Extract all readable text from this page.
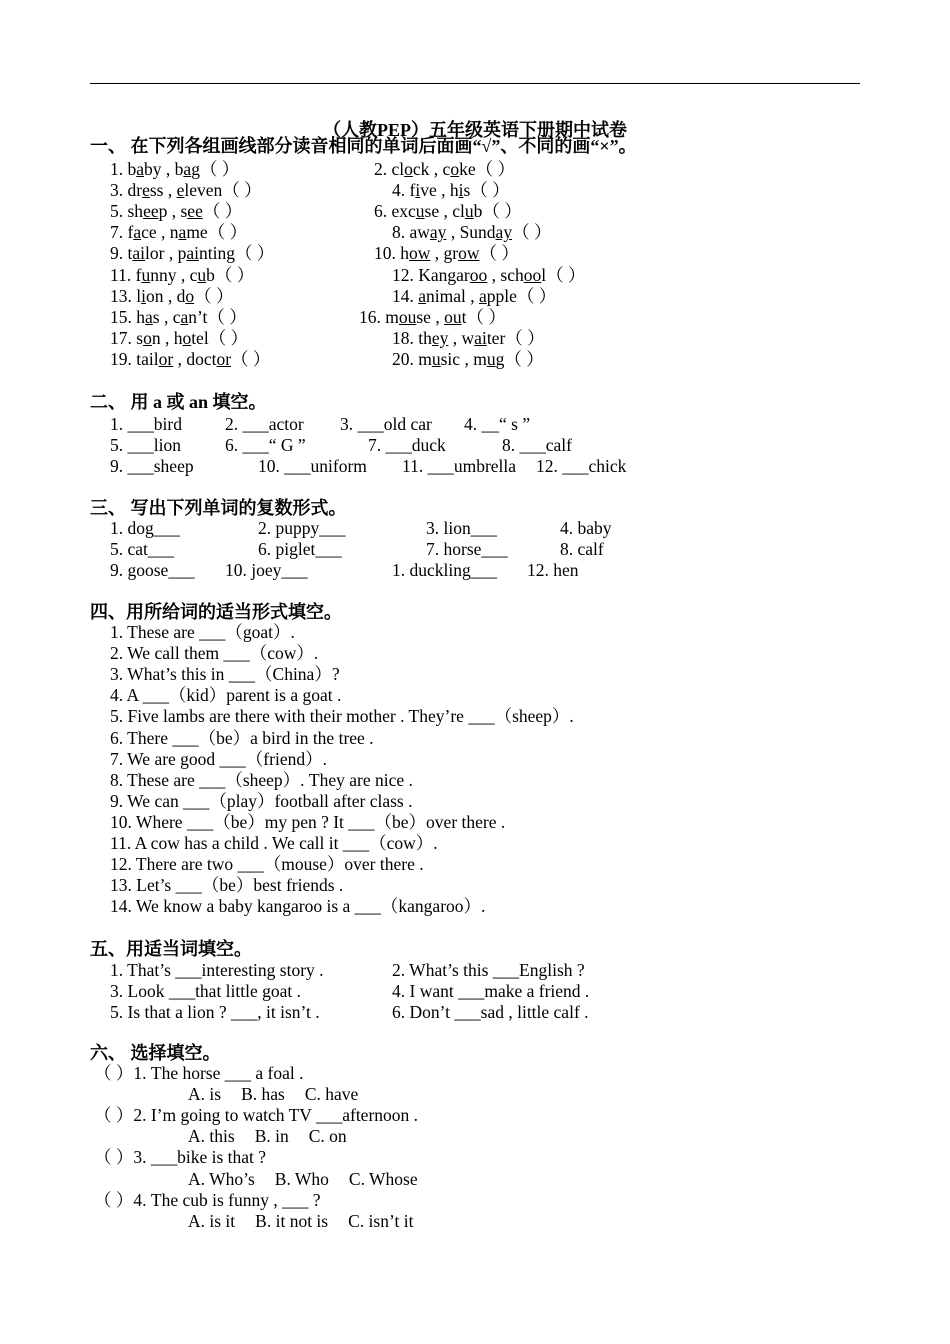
（人教PEP）五年级英语下册期中试卷
一、 在下列各组画线部分读音相同的单词后面画“√”、不同的画“×”。
1. baby , bag（ ）	2. clock , coke（ ）
3. dress , eleven（ ）	4. five , his（ ）
5. sheep , see（ ）	6. excuse , club（ ）
7. face , name（ ）	8. away , Sunday（ ）
9. tailor , painting（ ）	10. how , grow（ ）
11. funny , cub（ ）	12. Kangaroo , school（ ）
13. lion , do（ ）	14. animal , apple（ ）
15. has , can’t（ ）	16. mouse , out（ ）
17. son , hotel（ ）	18. they , waiter（ ）
19. tailor , doctor（ ）	20. music , mug（ ）
二、 用 a 或 an 填空。
1. ___bird 2. ___actor 3. ___old car 4. __“ s ”
5. ___lion	6. ___“ G ”	7. ___duck	8. ___calf
9. ___sheep	10. ___uniform 11. ___umbrella 12. ___chick
三、 写出下列单词的复数形式。
1. dog___	2. puppy___	3. lion___	4. baby
5. cat___	6. piglet___	7. horse___	8. calf
9. goose___ 10. joey___	1. duckling___ 12. hen
四、用所给词的适当形式填空。
1. These are ___（goat）.
2. We call them ___（cow）.
3. What’s this in ___（China）?
4. A ___（kid）parent is a goat .
5. Five lambs are there with their mother . They’re ___（sheep）.
6. There ___（be）a bird in the tree .
7. We are good ___（friend）.
8. These are ___（sheep）. They are nice .
9. We can ___（play）football after class .
10. Where ___（be）my pen ? It ___（be）over there .
11. A cow has a child . We call it ___（cow）.
12. There are two ___（mouse）over there .
13. Let’s ___（be）best friends .
14. We know a baby kangaroo is a ___（kangaroo）.
五、用适当词填空。
1. That’s ___interesting story .	2. What’s this ___English ?
3. Look ___that little goat .	4. I want ___make a friend .
5. Is that a lion ? ___, it isn’t .	6. Don’t ___sad , little calf .
六、 选择填空。
（ ）1. The horse ___ a foal .
A. is B. has C. have
（ ）2. I’m going to watch TV ___afternoon .
A. this B. in C. on
（ ）3. ___bike is that ?
A. Who’s B. Who C. Whose
（ ）4. The cub is funny , ___ ?
A. is it B. it not is C. isn’t it
